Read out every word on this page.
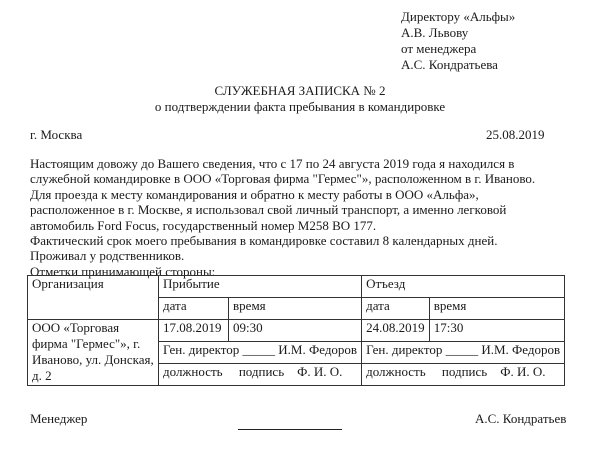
Директору «Альфы»
А.В. Львову
от менеджера
А.С. Кондратьева
СЛУЖЕБНАЯ ЗАПИСКА № 2
о подтверждении факта пребывания в командировке
г. Москва	25.08.2019
Настоящим довожу до Вашего сведения, что с 17 по 24 августа 2019 года я находился в
служебной командировке в ООО «Торговая фирма "Гермес"», расположенном в г. Иваново.
Для проезда к месту командирования и обратно к месту работы в ООО «Альфа»,
расположенное в г. Москве, я использовал свой личный транспорт, а именно легковой
автомобиль Ford Focus, государственный номер М258 ВО 177.
Фактический срок моего пребывания в командировке составил 8 календарных дней.
Проживал у родственников.
Отметки принимающей стороны:
Организация	Прибытие		Отъезд	
	дата	время	дата	время
ООО «Торговая фирма "Гермес"», г. Иваново, ул. Донская, д. 2	17.08.2019	09:30	24.08.2019	17:30
	Ген. директор _____ И.М. Федоров		Ген. директор _____ И.М. Федоров	
	должность     подпись    Ф. И. О.		должность     подпись    Ф. И. О.	
Менеджер	А.С. Кондратьев
